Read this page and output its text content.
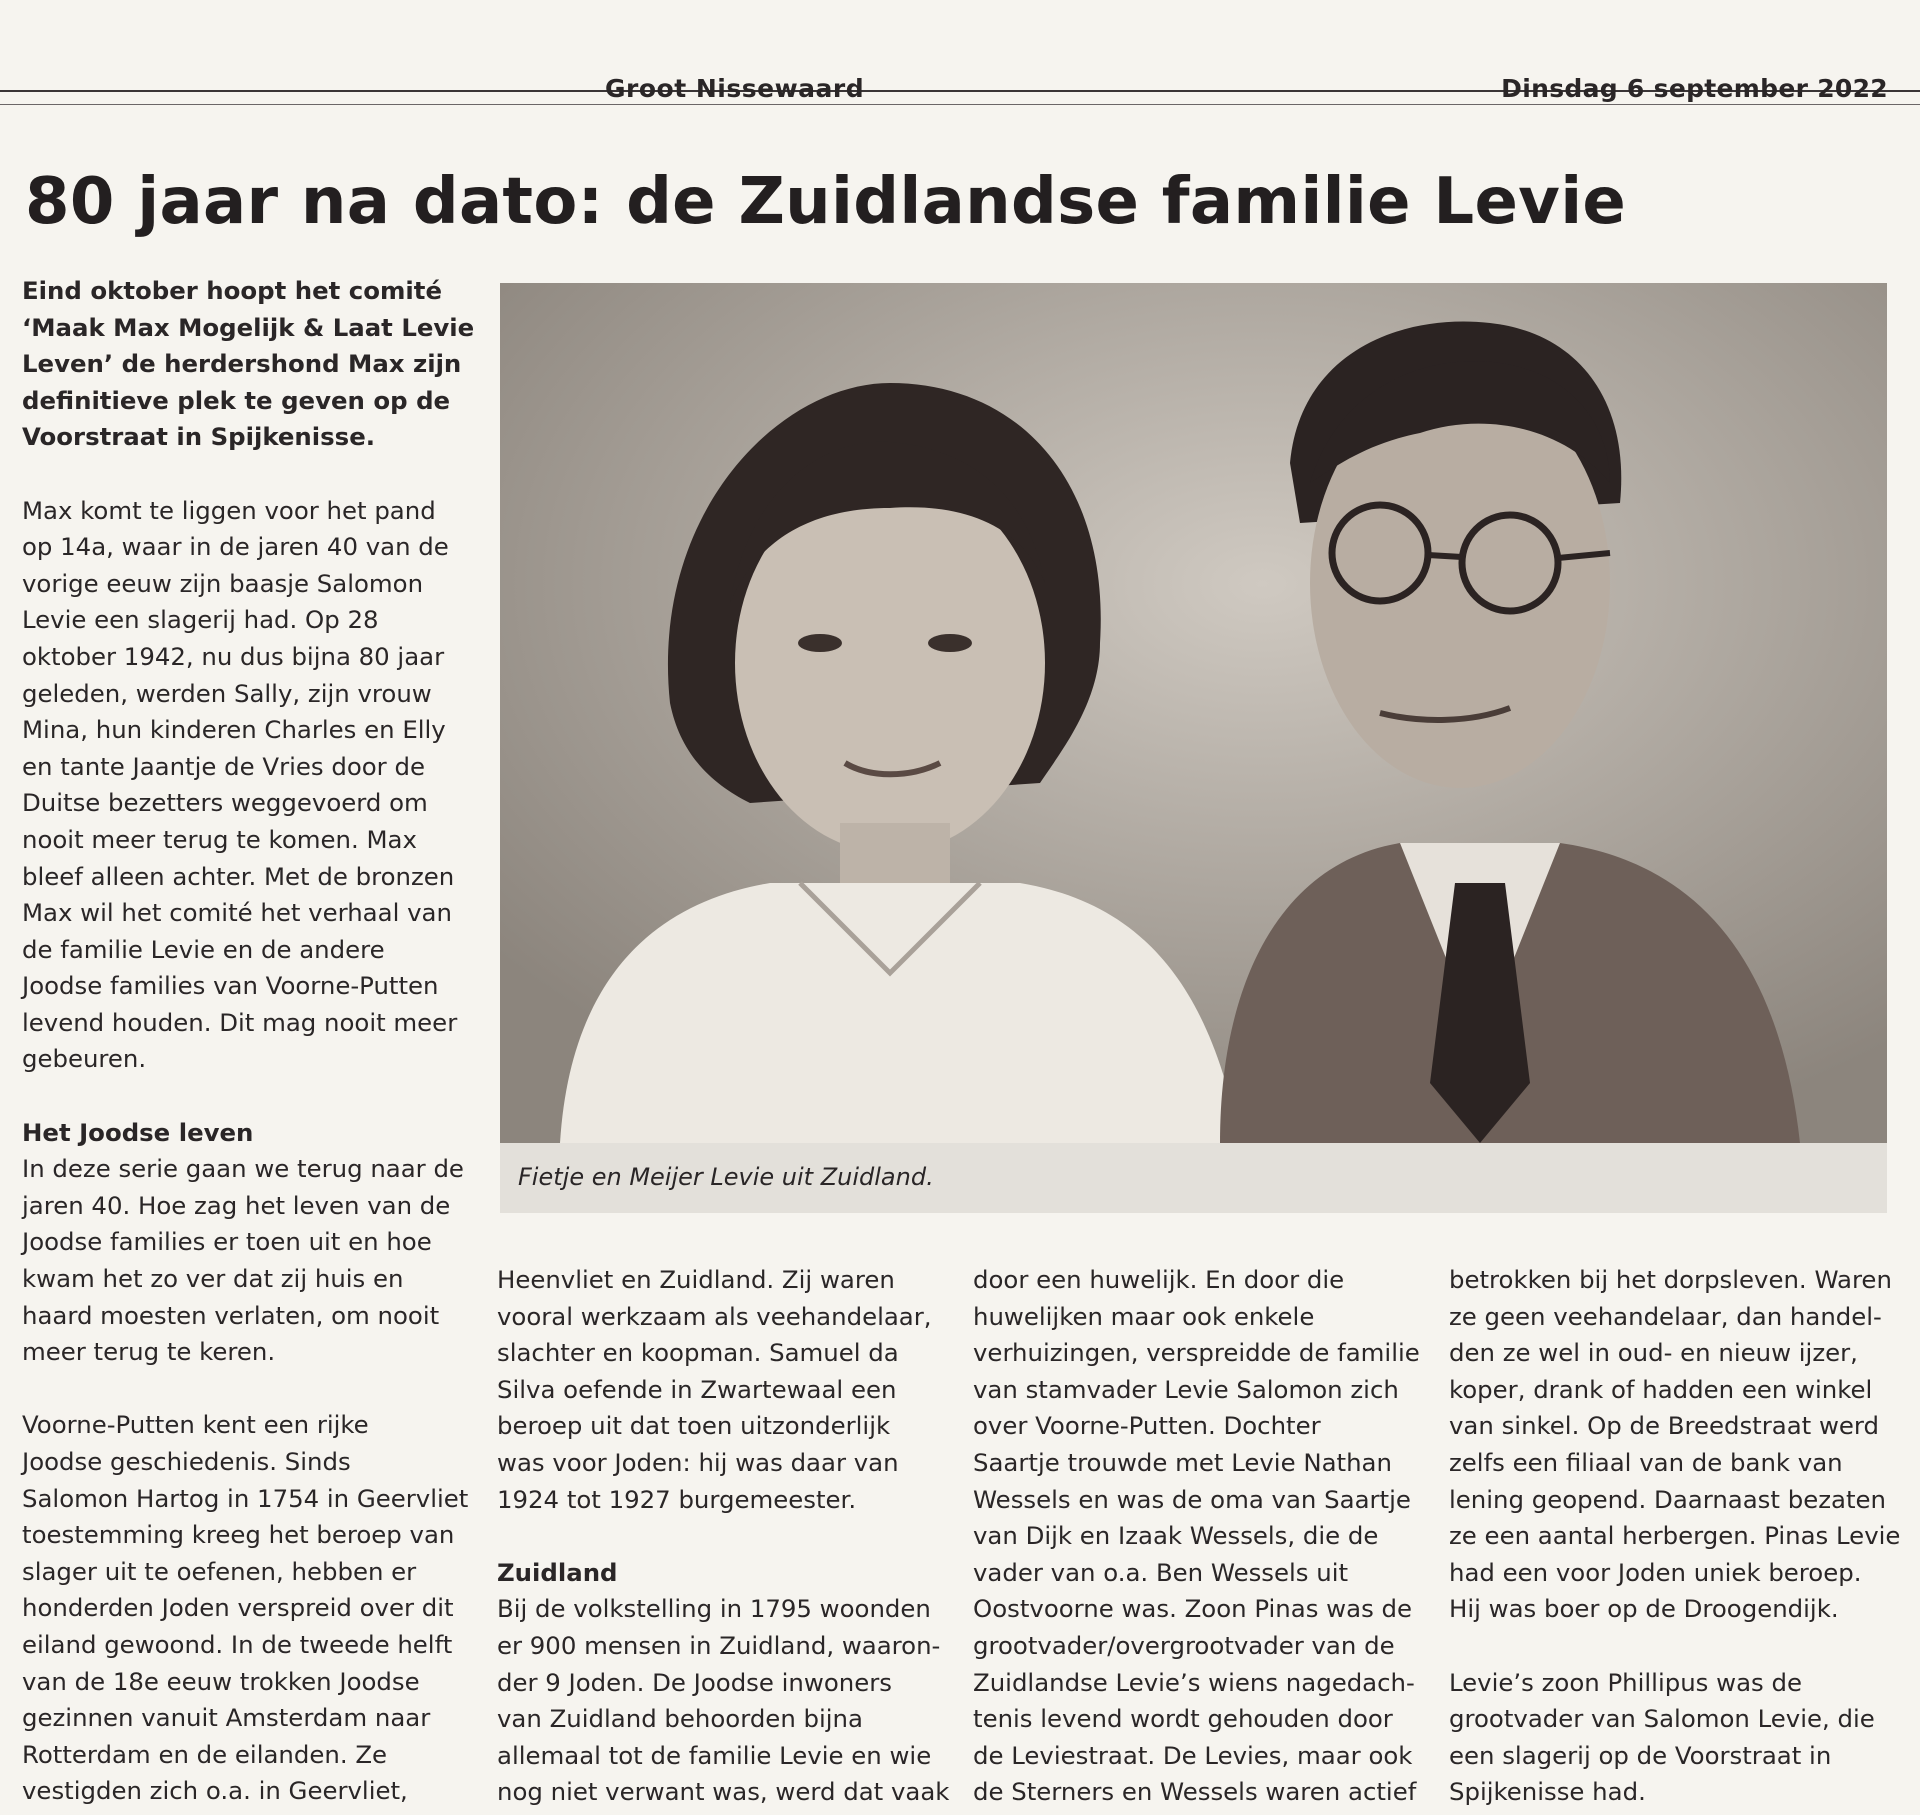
Groot Nissewaard	Dinsdag 6 september 2022
80 jaar na dato: de Zuidlandse familie Levie

Eind oktober hoopt het comité

‘Maak Max Mogelijk & Laat Levie

Leven’ de herdershond Max zijn

definitieve plek te geven op de

Voorstraat in Spijkenisse.

Max komt te liggen voor het pand

op 14a, waar in de jaren 40 van de

vorige eeuw zijn baasje Salomon

Levie een slagerij had. Op 28

oktober 1942, nu dus bijna 80 jaar

geleden, werden Sally, zijn vrouw

Mina, hun kinderen Charles en Elly

en tante Jaantje de Vries door de

Duitse bezetters weggevoerd om

nooit meer terug te komen. Max

bleef alleen achter. Met de bronzen

Max wil het comité het verhaal van

de familie Levie en de andere

Joodse families van Voorne-Putten

levend houden. Dit mag nooit meer

gebeuren.

Het Joodse leven

In deze serie gaan we terug naar de

jaren 40. Hoe zag het leven van de

Joodse families er toen uit en hoe

kwam het zo ver dat zij huis en

haard moesten verlaten, om nooit

meer terug te keren.

Voorne-Putten kent een rijke

Joodse geschiedenis. Sinds

Salomon Hartog in 1754 in Geervliet

toestemming kreeg het beroep van

slager uit te oefenen, hebben er

honderden Joden verspreid over dit

eiland gewoond. In de tweede helft

van de 18e eeuw trokken Joodse

gezinnen vanuit Amsterdam naar

Rotterdam en de eilanden. Ze

vestigden zich o.a. in Geervliet,

Fietje en Meijer Levie uit Zuidland.

Heenvliet en Zuidland. Zij waren

vooral werkzaam als veehandelaar,

slachter en koopman. Samuel da

Silva oefende in Zwartewaal een

beroep uit dat toen uitzonderlijk

was voor Joden: hij was daar van

1924 tot 1927 burgemeester.

Zuidland

Bij de volkstelling in 1795 woonden

er 900 mensen in Zuidland, waaron-

der 9 Joden. De Joodse inwoners

van Zuidland behoorden bijna

allemaal tot de familie Levie en wie

nog niet verwant was, werd dat vaak

door een huwelijk. En door die

huwelijken maar ook enkele

verhuizingen, verspreidde de familie

van stamvader Levie Salomon zich

over Voorne-Putten. Dochter

Saartje trouwde met Levie Nathan

Wessels en was de oma van Saartje

van Dijk en Izaak Wessels, die de

vader van o.a. Ben Wessels uit

Oostvoorne was. Zoon Pinas was de

grootvader/overgrootvader van de

Zuidlandse Levie’s wiens nagedach-

tenis levend wordt gehouden door

de Leviestraat. De Levies, maar ook

de Sterners en Wessels waren actief

betrokken bij het dorpsleven. Waren

ze geen veehandelaar, dan handel-

den ze wel in oud- en nieuw ijzer,

koper, drank of hadden een winkel

van sinkel. Op de Breedstraat werd

zelfs een filiaal van de bank van

lening geopend. Daarnaast bezaten

ze een aantal herbergen. Pinas Levie

had een voor Joden uniek beroep.

Hij was boer op de Droogendijk.

Levie’s zoon Phillipus was de

grootvader van Salomon Levie, die

een slagerij op de Voorstraat in

Spijkenisse had.
